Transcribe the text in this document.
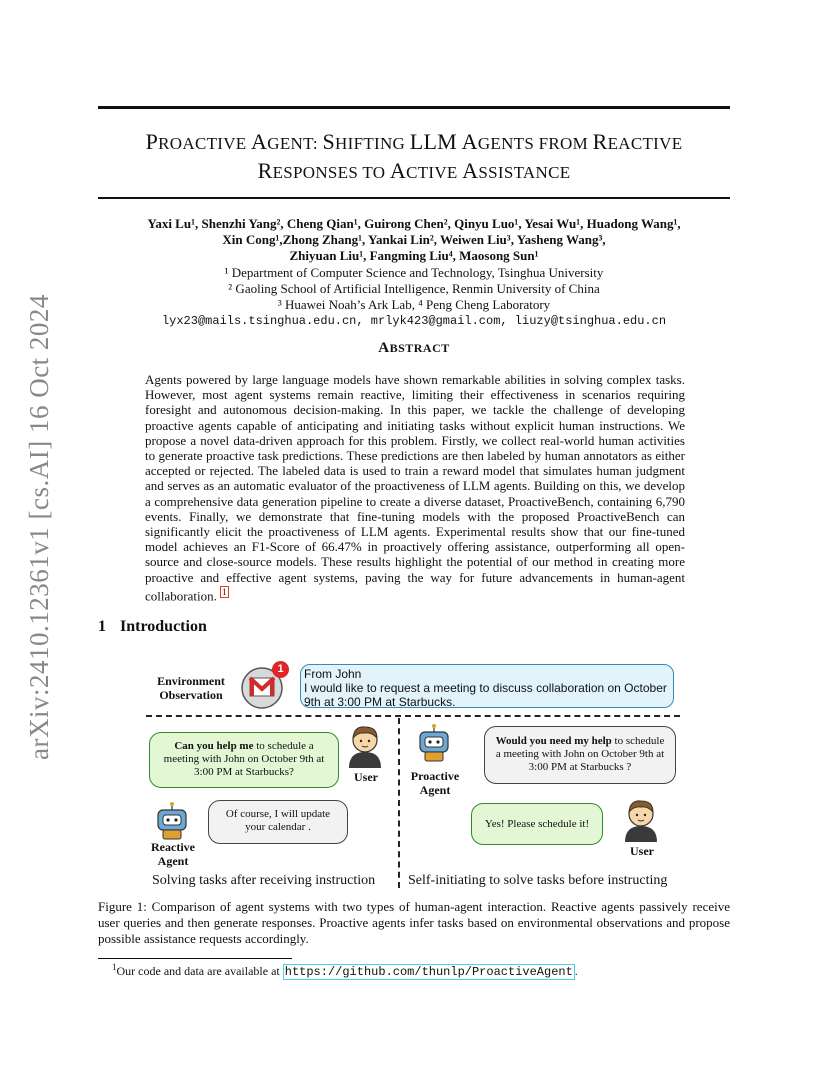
arXiv:2410.12361v1 [cs.AI] 16 Oct 2024
PROACTIVE AGENT: SHIFTING LLM AGENTS FROM REACTIVE
RESPONSES TO ACTIVE ASSISTANCE
Yaxi Lu¹, Shenzhi Yang², Cheng Qian¹, Guirong Chen², Qinyu Luo¹, Yesai Wu¹, Huadong Wang¹,
Xin Cong¹,Zhong Zhang¹, Yankai Lin², Weiwen Liu³, Yasheng Wang³,
Zhiyuan Liu¹, Fangming Liu⁴, Maosong Sun¹
¹ Department of Computer Science and Technology, Tsinghua University
² Gaoling School of Artificial Intelligence, Renmin University of China
³ Huawei Noah’s Ark Lab, ⁴ Peng Cheng Laboratory
lyx23@mails.tsinghua.edu.cn, mrlyk423@gmail.com, liuzy@tsinghua.edu.cn
ABSTRACT
Agents powered by large language models have shown remarkable abilities in solving complex tasks. However, most agent systems remain reactive, limiting their effectiveness in scenarios requiring foresight and autonomous decision-making. In this paper, we tackle the challenge of developing proactive agents capable of anticipating and initiating tasks without explicit human instructions. We propose a novel data-driven approach for this problem. Firstly, we collect real-world human activities to generate proactive task predictions. These predictions are then labeled by human annotators as either accepted or rejected. The labeled data is used to train a reward model that simulates human judgment and serves as an automatic evaluator of the proactiveness of LLM agents. Building on this, we develop a comprehensive data generation pipeline to create a diverse dataset, ProactiveBench, containing 6,790 events. Finally, we demonstrate that fine-tuning models with the proposed ProactiveBench can significantly elicit the proactiveness of LLM agents. Experimental results show that our fine-tuned model achieves an F1-Score of 66.47% in proactively offering assistance, outperforming all open-source and close-source models. These results highlight the potential of our method in creating more proactive and effective agent systems, paving the way for future advancements in human-agent collaboration. $^1$
1 Introduction
Environment
Observation
1	From John
I would like to request a meeting to discuss collaboration on October
9th at 3:00 PM at Starbucks.
Can you help me to schedule a meeting with John on October 9th at 3:00 PM at Starbucks?	User
Reactive
Agent
Of course, I will update your calendar .
Proactive
Agent
Would you need my help to schedule a meeting with John on October 9th at 3:00 PM at Starbucks ?
Yes! Please schedule it!
User
Solving tasks after receiving instruction Self-initiating to solve tasks before instructing
Figure 1: Comparison of agent systems with two types of human-agent interaction. Reactive agents passively receive user queries and then generate responses. Proactive agents infer tasks based on environmental observations and propose possible assistance requests accordingly.
$^1$Our code and data are available at https://github.com/thunlp/ProactiveAgent .
